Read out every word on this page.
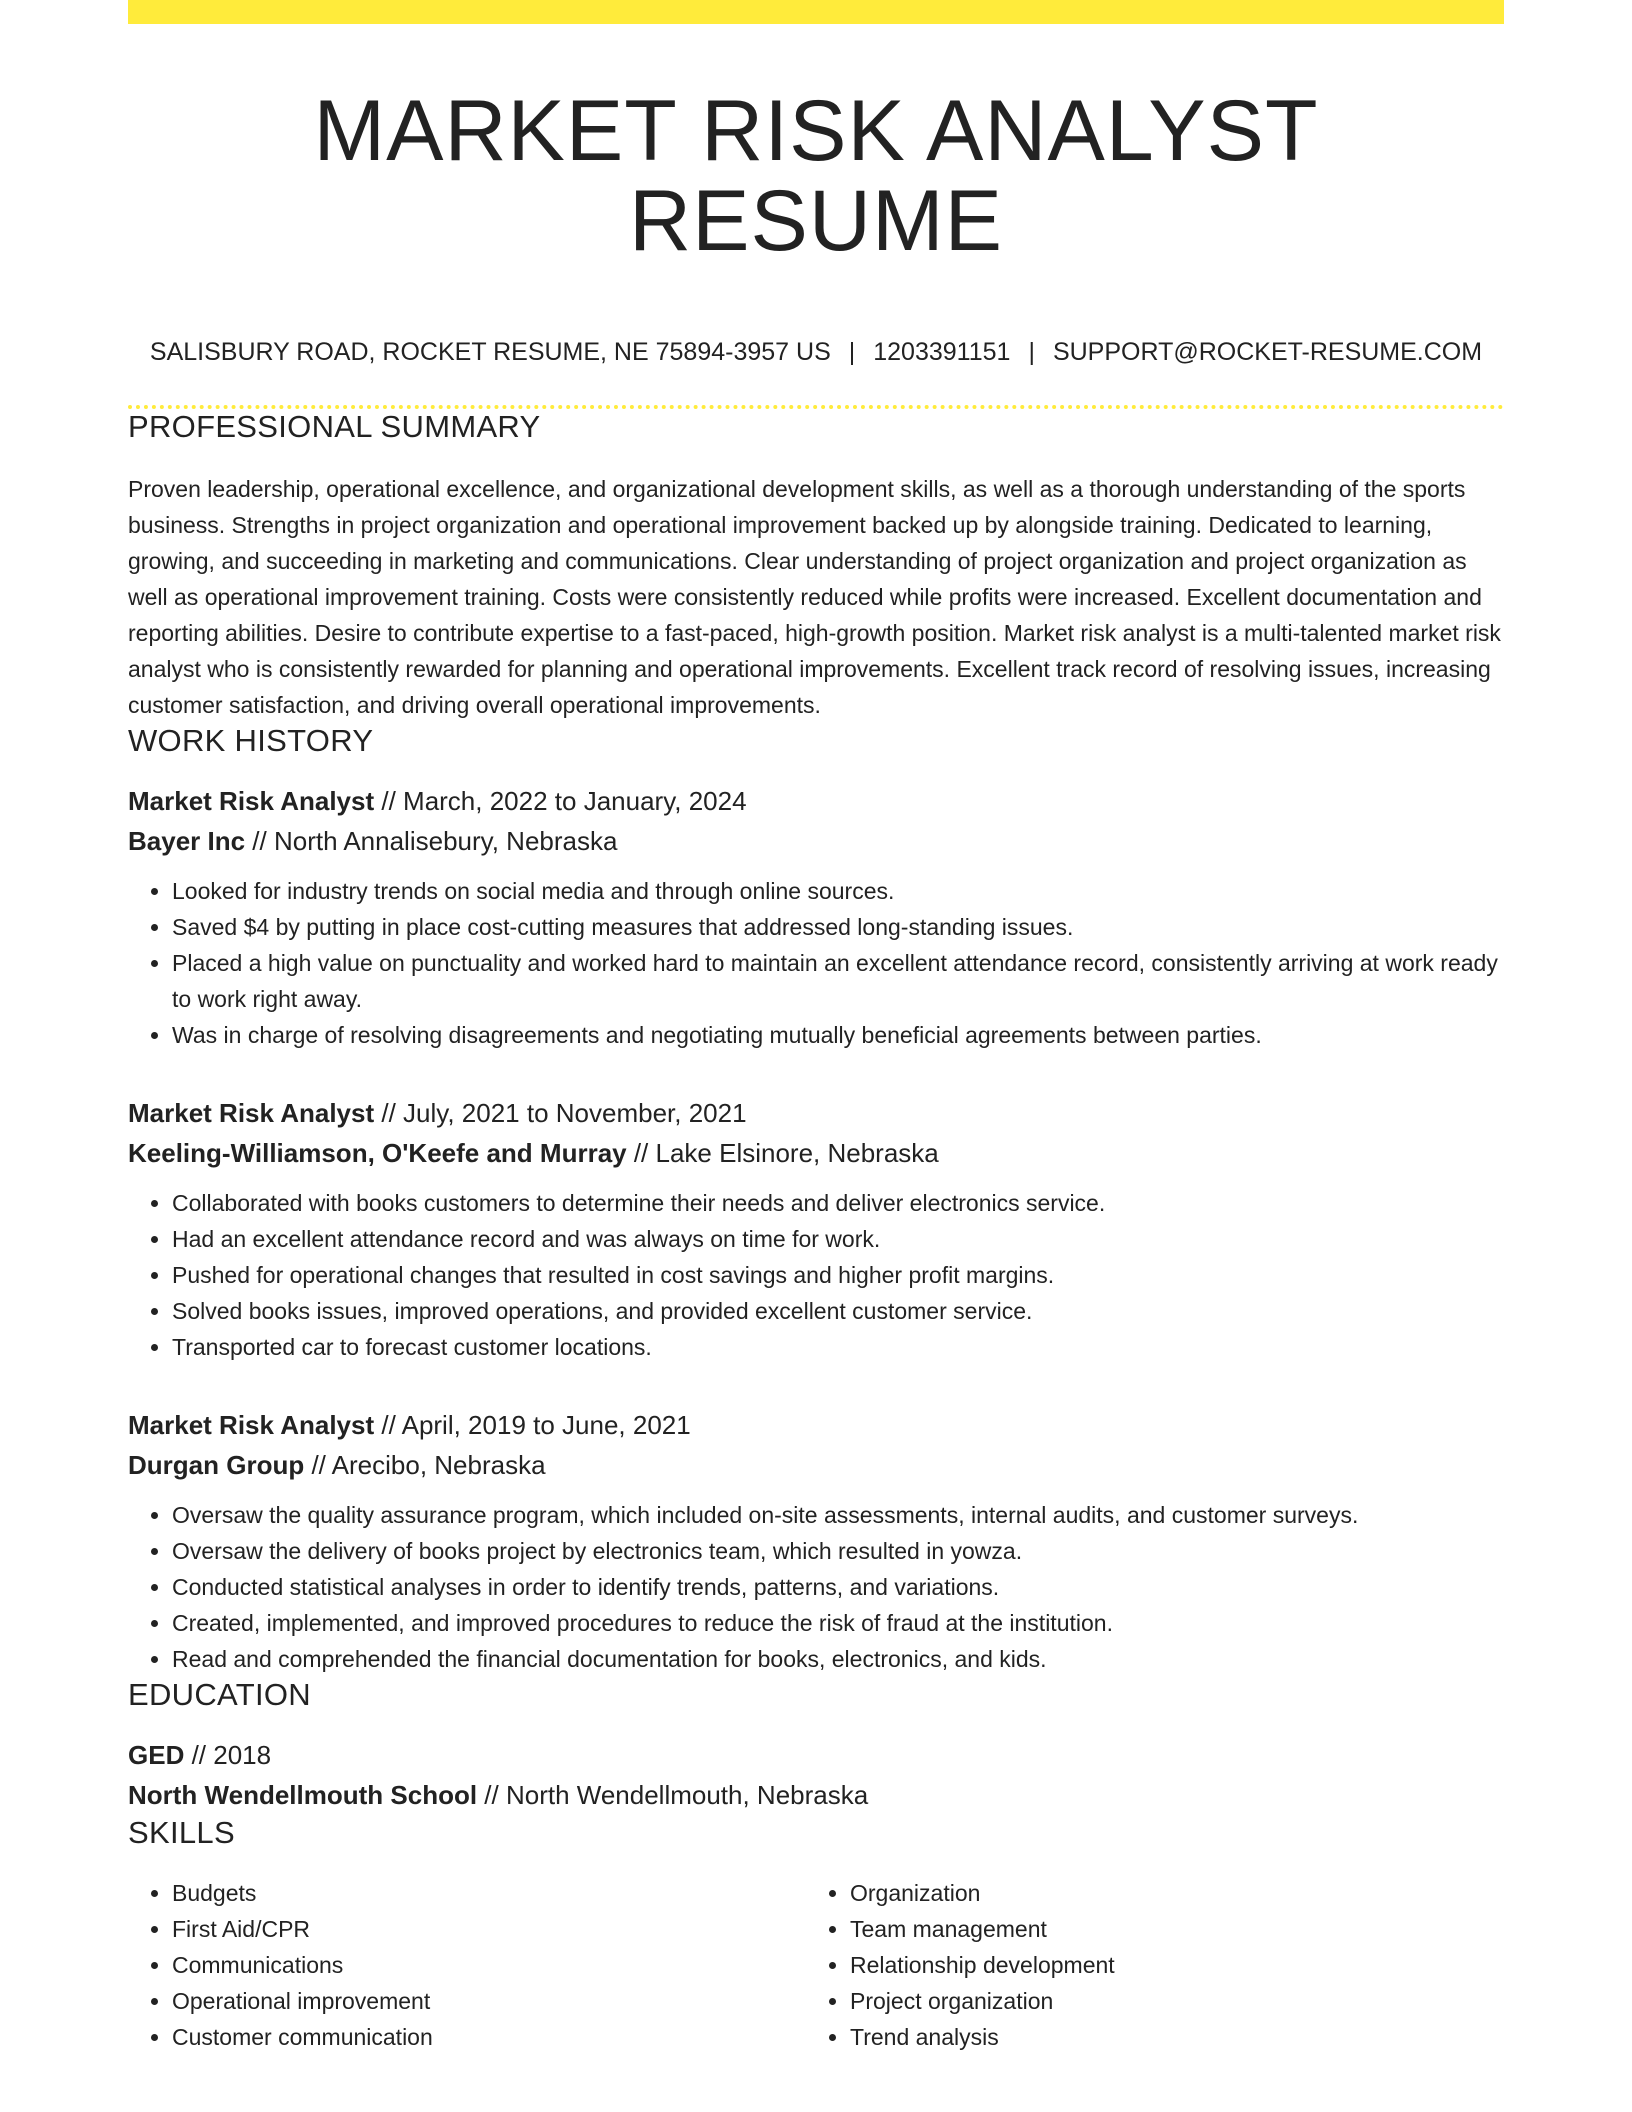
MARKET RISK ANALYST RESUME
SALISBURY ROAD, ROCKET RESUME, NE 75894-3957 US | 1203391151 | SUPPORT@ROCKET-RESUME.COM
PROFESSIONAL SUMMARY
Proven leadership, operational excellence, and organizational development skills, as well as a thorough understanding of the sports business. Strengths in project organization and operational improvement backed up by alongside training. Dedicated to learning, growing, and succeeding in marketing and communications. Clear understanding of project organization and project organization as well as operational improvement training. Costs were consistently reduced while profits were increased. Excellent documentation and reporting abilities. Desire to contribute expertise to a fast-paced, high-growth position. Market risk analyst is a multi-talented market risk analyst who is consistently rewarded for planning and operational improvements. Excellent track record of resolving issues, increasing customer satisfaction, and driving overall operational improvements.
WORK HISTORY
Market Risk Analyst // March, 2022 to January, 2024
Bayer Inc // North Annalisebury, Nebraska
• Looked for industry trends on social media and through online sources.
• Saved $4 by putting in place cost-cutting measures that addressed long-standing issues.
• Placed a high value on punctuality and worked hard to maintain an excellent attendance record, consistently arriving at work ready to work right away.
• Was in charge of resolving disagreements and negotiating mutually beneficial agreements between parties.
Market Risk Analyst // July, 2021 to November, 2021
Keeling-Williamson, O'Keefe and Murray // Lake Elsinore, Nebraska
• Collaborated with books customers to determine their needs and deliver electronics service.
• Had an excellent attendance record and was always on time for work.
• Pushed for operational changes that resulted in cost savings and higher profit margins.
• Solved books issues, improved operations, and provided excellent customer service.
• Transported car to forecast customer locations.
Market Risk Analyst // April, 2019 to June, 2021
Durgan Group // Arecibo, Nebraska
• Oversaw the quality assurance program, which included on-site assessments, internal audits, and customer surveys.
• Oversaw the delivery of books project by electronics team, which resulted in yowza.
• Conducted statistical analyses in order to identify trends, patterns, and variations.
• Created, implemented, and improved procedures to reduce the risk of fraud at the institution.
• Read and comprehended the financial documentation for books, electronics, and kids.
EDUCATION
GED // 2018
North Wendellmouth School // North Wendellmouth, Nebraska
SKILLS
• Budgets
• First Aid/CPR
• Communications
• Operational improvement
• Customer communication
• Organization
• Team management
• Relationship development
• Project organization
• Trend analysis
